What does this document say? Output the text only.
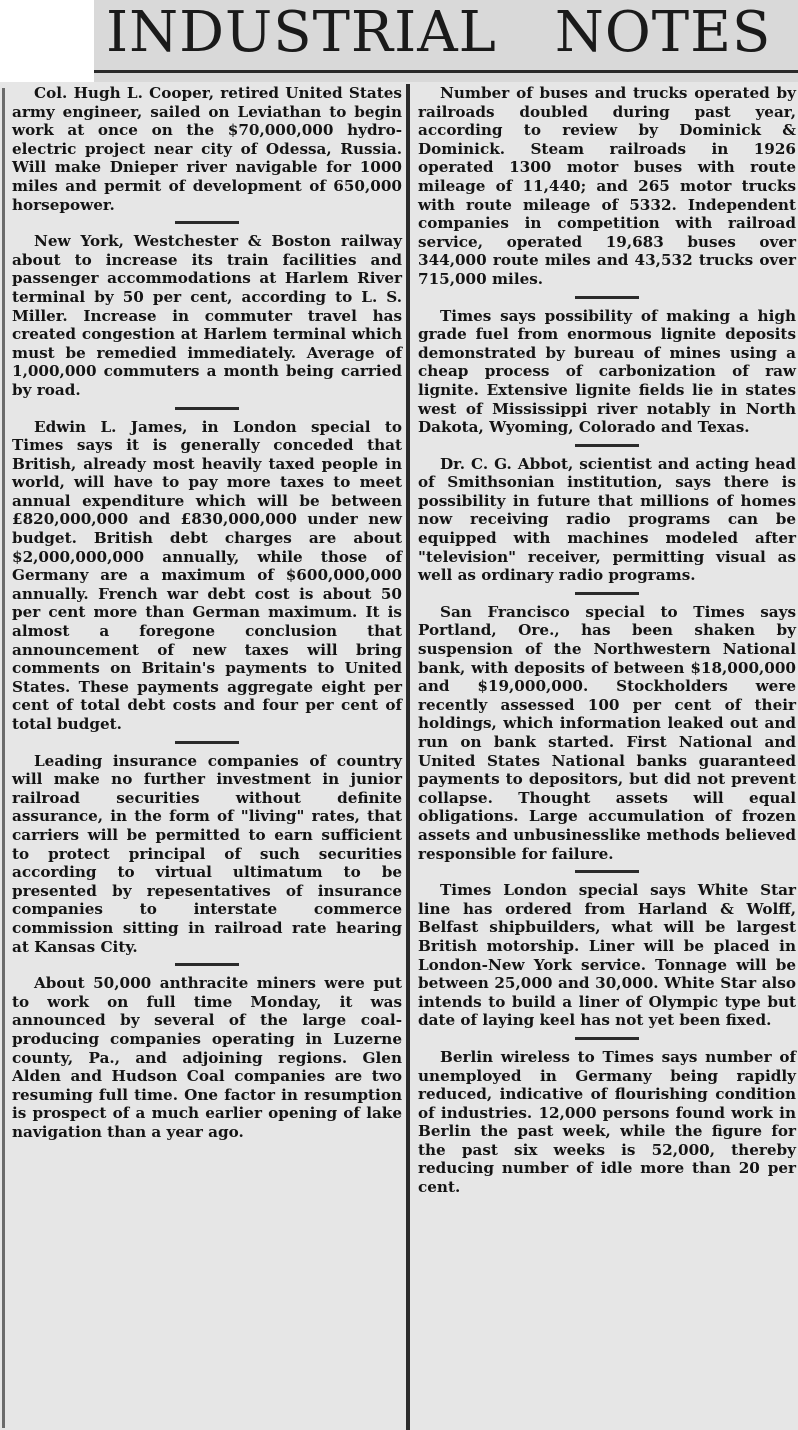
INDUSTRIAL NOTES

Col. Hugh L. Cooper, retired United States army engineer, sailed on Leviathan to begin work at once on the $70,000,000 hydro-electric project near city of Odessa, Russia. Will make Dnieper river navigable for 1000 miles and permit of development of 650,000 horsepower.

New York, Westchester & Boston railway about to increase its train facilities and passenger accommodations at Harlem River terminal by 50 per cent, according to L. S. Miller. Increase in commuter travel has created congestion at Harlem terminal which must be remedied immediately. Average of 1,000,000 commuters a month being carried by road.

Edwin L. James, in London special to Times says it is generally conceded that British, already most heavily taxed people in world, will have to pay more taxes to meet annual expenditure which will be between £820,000,000 and £830,000,000 under new budget. British debt charges are about $2,000,000,000 annually, while those of Germany are a maximum of $600,000,000 annually. French war debt cost is about 50 per cent more than German maximum. It is almost a foregone conclusion that announcement of new taxes will bring comments on Britain's payments to United States. These payments aggregate eight per cent of total debt costs and four per cent of total budget.

Leading insurance companies of country will make no further investment in junior railroad securities without definite assurance, in the form of "living" rates, that carriers will be permitted to earn sufficient to protect principal of such securities according to virtual ultimatum to be presented by repesentatives of insurance companies to interstate commerce commission sitting in railroad rate hearing at Kansas City.

About 50,000 anthracite miners were put to work on full time Monday, it was announced by several of the large coal-producing companies operating in Luzerne county, Pa., and adjoining regions. Glen Alden and Hudson Coal companies are two resuming full time. One factor in resumption is prospect of a much earlier opening of lake navigation than a year ago.

Number of buses and trucks operated by railroads doubled during past year, according to review by Dominick & Dominick. Steam railroads in 1926 operated 1300 motor buses with route mileage of 11,440; and 265 motor trucks with route mileage of 5332. Independent companies in competition with railroad service, operated 19,683 buses over 344,000 route miles and 43,532 trucks over 715,000 miles.

Times says possibility of making a high grade fuel from enormous lignite deposits demonstrated by bureau of mines using a cheap process of carbonization of raw lignite. Extensive lignite fields lie in states west of Mississippi river notably in North Dakota, Wyoming, Colorado and Texas.

Dr. C. G. Abbot, scientist and acting head of Smithsonian institution, says there is possibility in future that millions of homes now receiving radio programs can be equipped with machines modeled after "television" receiver, permitting visual as well as ordinary radio programs.

San Francisco special to Times says Portland, Ore., has been shaken by suspension of the Northwestern National bank, with deposits of between $18,000,000 and $19,000,000. Stockholders were recently assessed 100 per cent of their holdings, which information leaked out and run on bank started. First National and United States National banks guaranteed payments to depositors, but did not prevent collapse. Thought assets will equal obligations. Large accumulation of frozen assets and unbusinesslike methods believed responsible for failure.

Times London special says White Star line has ordered from Harland & Wolff, Belfast shipbuilders, what will be largest British motorship. Liner will be placed in London-New York service. Tonnage will be between 25,000 and 30,000. White Star also intends to build a liner of Olympic type but date of laying keel has not yet been fixed.

Berlin wireless to Times says number of unemployed in Germany being rapidly reduced, indicative of flourishing condition of industries. 12,000 persons found work in Berlin the past week, while the figure for the past six weeks is 52,000, thereby reducing number of idle more than 20 per cent.
